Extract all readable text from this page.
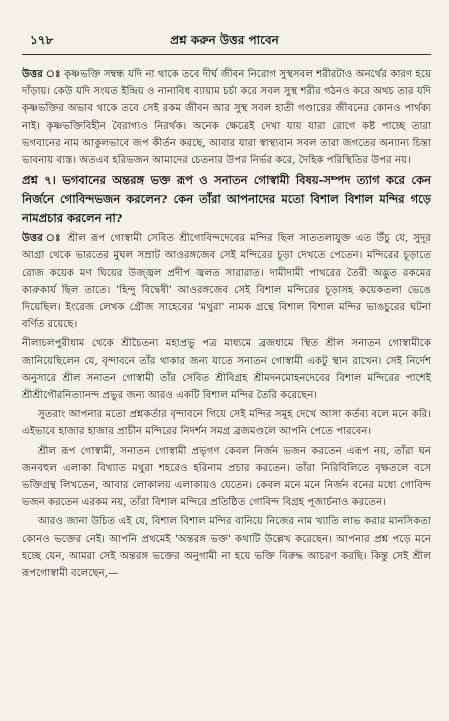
১৭৮	প্রশ্ন করুন উত্তর পাবেন

উত্তর ঃ কৃষ্ণভক্তি সম্বন্ধ যদি না থাকে তবে দীর্ঘ জীবন নিরোগ সুস্থসবল শরীরটাও অনর্থের কারণ হয়ে দাঁড়ায়। কেউ যদি সংযত ইন্দ্রিয় ও নানাবিধ ব্যায়াম চর্চা করে সবল সুস্থ শরীর গঠনও করে অথচ তার যদি কৃষ্ণভক্তির অভাব থাকে তবে সেই রকম জীবন আর সুস্থ সবল হাতী গণ্ডারের জীবনের কোনও পার্থক্য নাই। কৃষ্ণভক্তিবিহীন বৈরাগ্যও নিরর্থক। অনেক ক্ষেত্রেই দেখা যায় যারা রোগে কষ্ট পাচ্ছে তারা ভগবানের নাম আকুলভাবে জপ কীর্তন করছে, আবার যারা স্বাস্থ্যবান সবল তারা জগতের অন্যান্য চিন্তা ভাবনায় ব্যস্ত। অতএব হরিভজন আমাদের চেতনার উপর নির্ভর করে, দৈহিক পরিস্থিতির উপর নয়।

প্রশ্ন ৭। ভগবানের অন্তরঙ্গ ভক্ত রূপ ও সনাতন গোস্বামী বিষয়-সম্পদ ত্যাগ করে কেন নির্জনে গোবিন্দভজন করলেন? কেন তাঁরা আপনাদের মতো বিশাল বিশাল মন্দির গড়ে নামপ্রচার করলেন না?

উত্তর ঃ শ্রীল রূপ গোস্বামী সেবিত শ্রীগোবিন্দদেবের মন্দির ছিল সাততলাযুক্ত এত উঁচু যে, সুদূর আগ্রা থেকে ভারতের মুঘল সম্রাট আওরঙ্গজেব সেই মন্দিরের চূড়া দেখতে পেতেন। মন্দিরের চূড়াতে রোজ কয়েক মণ ঘিয়ের উজ্জ্বল প্রদীপ জ্বলত সারারাত। দামীদামী পাথরের তৈরী অদ্ভুত রকমের কারুকার্য ছিল তাতে। 'হিন্দু বিদ্বেষী' আওরঙ্গজেব সেই বিশাল মন্দিরের চূড়াসহ কয়েকতলা ভেঙে দিয়েছিল। ইংরেজ লেখক গ্রৌজ সাহেবের 'মথুরা' নামক গ্রন্থে বিশাল বিশাল মন্দির ভাঙচুরের ঘটনা বর্ণিত রয়েছে।

নীলাচলপুরীধাম থেকে শ্রীচৈতন্য মহাপ্রভু পত্র মাধ্যমে ব্রজধামে স্থিত শ্রীল সনাতন গোস্বামীকে জানিয়েছিলেন যে, বৃন্দাবনে তাঁর থাকার জন্য যাতে সনাতন গোস্বামী একটু স্থান রাখেন। সেই নির্দেশ অনুসারে শ্রীল সনাতন গোস্বামী তাঁর সেবিত শ্রীবিগ্রহ শ্রীমদনমোহনদেবের বিশাল মন্দিরের পাশেই শ্রীশ্রীগৌরনিত্যানন্দ প্রভুর জন্য আরও একটি বিশাল মন্দির তৈরি করেছেন।

সুতরাং আপনার মতো প্রশ্নকর্তার বৃন্দাবনে গিয়ে সেই মন্দির সমূহ দেখে আসা কর্তব্য বলে মনে করি। এইভাবে হাজার হাজার প্রাচীন মন্দিরের নিদর্শন সমগ্র ব্রজমণ্ডলে আপনি পেতে পারবেন।

শ্রীল রূপ গোস্বামী, সনাতন গোস্বামী প্রভৃগণ কেবল নির্জন ভজন করতেন এরূপ নয়, তাঁরা ঘন জনবহুল এলাকা বিখ্যাত মথুরা শহরেও হরিনাম প্রচার করতেন। তাঁরা নিরিবিলিতে বৃক্ষতলে বসে ভক্তিগ্রন্থ লিখতেন, আবার লোকালয় এলাকায়ও যেতেন। কেবল মনে মনে নির্জন বনের মধ্যে গোবিন্দ ভজন করতেন এরকম নয়, তাঁরা বিশাল মন্দিরে প্রতিষ্ঠিত গোবিন্দ বিগ্রহ পূজার্চনাও করতেন।

আরও জানা উচিত এই যে, বিশাল বিশাল মন্দির বানিয়ে নিজের নাম খ্যাতি লাভ করার মানসিকতা কোনও ভক্তের নেই। আপনি প্রথমেই 'অন্তরঙ্গ ভক্ত' কথাটি উল্লেখ করেছেন। আপনার প্রশ্ন পড়ে মনে হচ্ছে যেন, আমরা সেই অন্তরঙ্গ ভক্তের অনুগামী না হয়ে ভক্তি বিরুদ্ধ আচরণ করছি। কিন্তু সেই শ্রীল রূপগোস্বামী বলেছেন,—
